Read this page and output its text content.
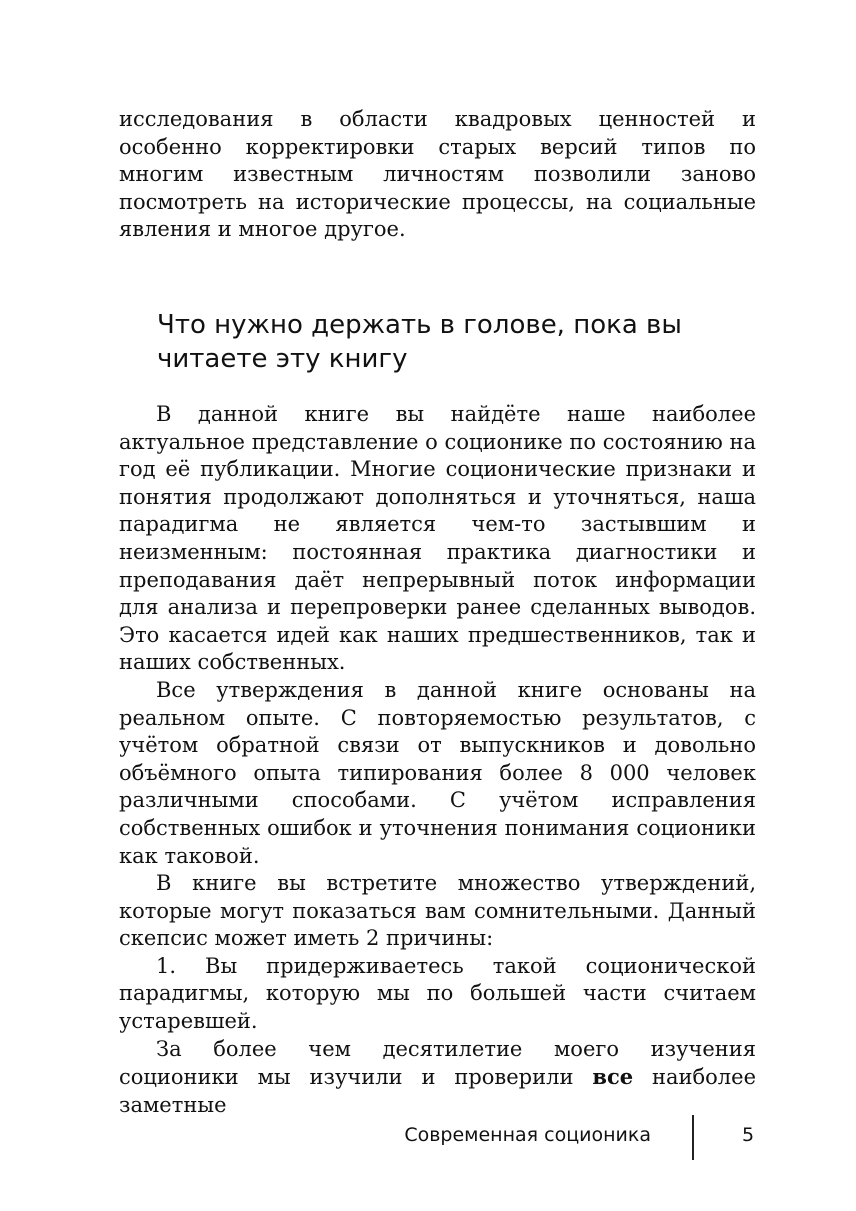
исследования в области квадровых ценностей и особенно корректировки старых версий типов по многим известным личностям позволили заново посмотреть на исторические процессы, на социальные явления и многое другое.

Что нужно держать в голове, пока вы читаете эту книгу

В данной книге вы найдёте наше наиболее актуальное представление о соционике по состоянию на год её публикации. Многие соционические признаки и понятия продолжают дополняться и уточняться, наша парадигма не является чем-то застывшим и неизменным: постоянная практика диагностики и преподавания даёт непрерывный поток информации для анализа и перепроверки ранее сделанных выводов. Это касается идей как наших предшественников, так и наших собственных.

Все утверждения в данной книге основаны на реальном опыте. С повторяемостью результатов, с учётом обратной связи от выпускников и довольно объёмного опыта типирования более 8 000 человек различными способами. С учётом исправления собственных ошибок и уточнения понимания соционики как таковой.

В книге вы встретите множество утверждений, которые могут показаться вам сомнительными. Данный скепсис может иметь 2 причины:

1. Вы придерживаетесь такой соционической парадигмы, которую мы по большей части считаем устаревшей.

За более чем десятилетие моего изучения соционики мы изучили и проверили все наиболее заметные

Современная соционика	5
